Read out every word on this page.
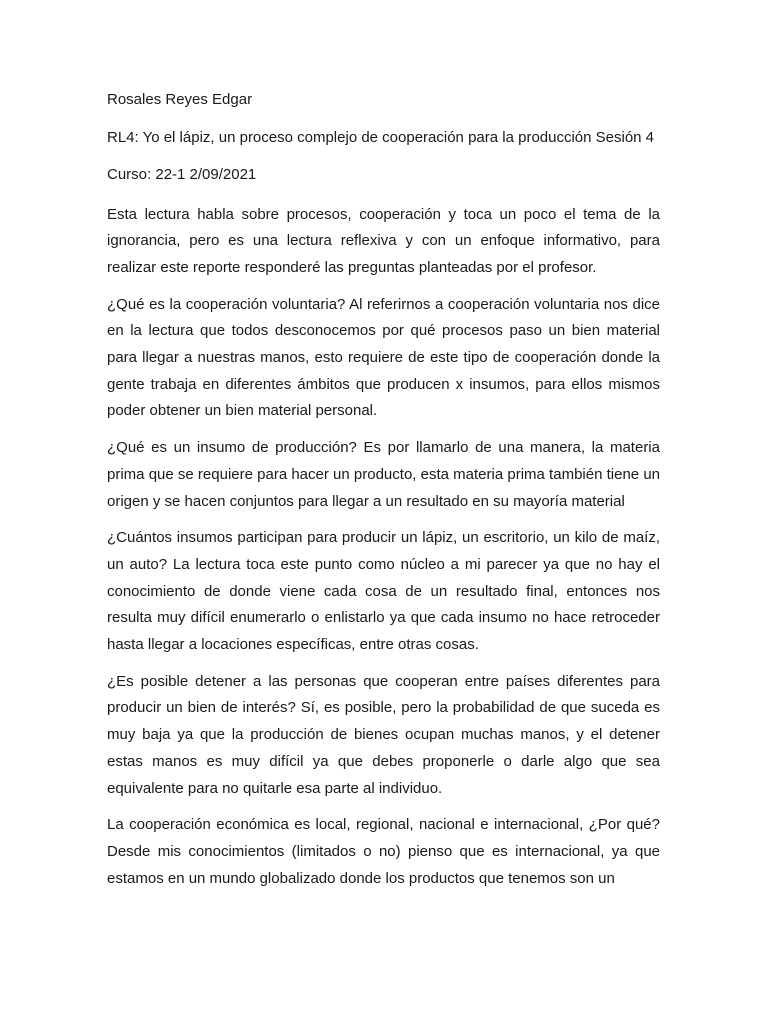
Rosales Reyes Edgar

RL4: Yo el lápiz, un proceso complejo de cooperación para la producción Sesión 4

Curso: 22-1 2/09/2021

Esta lectura habla sobre procesos, cooperación y toca un poco el tema de la ignorancia, pero es una lectura reflexiva y con un enfoque informativo, para realizar este reporte responderé las preguntas planteadas por el profesor.

¿Qué es la cooperación voluntaria? Al referirnos a cooperación voluntaria nos dice en la lectura que todos desconocemos por qué procesos paso un bien material para llegar a nuestras manos, esto requiere de este tipo de cooperación donde la gente trabaja en diferentes ámbitos que producen x insumos, para ellos mismos poder obtener un bien material personal.

¿Qué es un insumo de producción? Es por llamarlo de una manera, la materia prima que se requiere para hacer un producto, esta materia prima también tiene un origen y se hacen conjuntos para llegar a un resultado en su mayoría material

¿Cuántos insumos participan para producir un lápiz, un escritorio, un kilo de maíz, un auto? La lectura toca este punto como núcleo a mi parecer ya que no hay el conocimiento de donde viene cada cosa de un resultado final, entonces nos resulta muy difícil enumerarlo o enlistarlo ya que cada insumo no hace retroceder hasta llegar a locaciones específicas, entre otras cosas.

¿Es posible detener a las personas que cooperan entre países diferentes para producir un bien de interés? Sí, es posible, pero la probabilidad de que suceda es muy baja ya que la producción de bienes ocupan muchas manos, y el detener estas manos es muy difícil ya que debes proponerle o darle algo que sea equivalente para no quitarle esa parte al individuo.

La cooperación económica es local, regional, nacional e internacional, ¿Por qué? Desde mis conocimientos (limitados o no) pienso que es internacional, ya que estamos en un mundo globalizado donde los productos que tenemos son un
